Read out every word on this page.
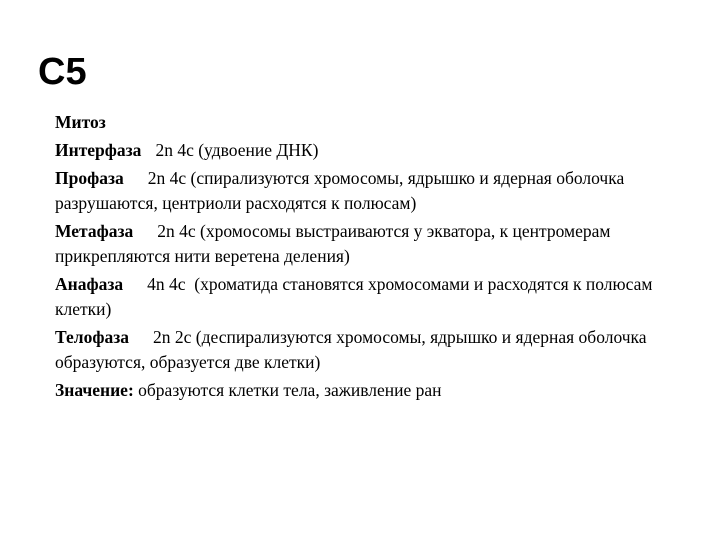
С5

Митоз

Интерфаза 2n 4c (удвоение ДНК)

Профаза 2n 4c (спирализуются хромосомы, ядрышко и ядерная оболочка разрушаются, центриоли расходятся к полюсам)

Метафаза 2n 4c (хромосомы выстраиваются у экватора, к центромерам прикрепляются нити веретена деления)

Анафаза 4n 4c  (хроматида становятся хромосомами и расходятся к полюсам клетки)

Телофаза 2n 2c (деспирализуются хромосомы, ядрышко и ядерная оболочка образуются, образуется две клетки)

Значение: образуются клетки тела, заживление ран
